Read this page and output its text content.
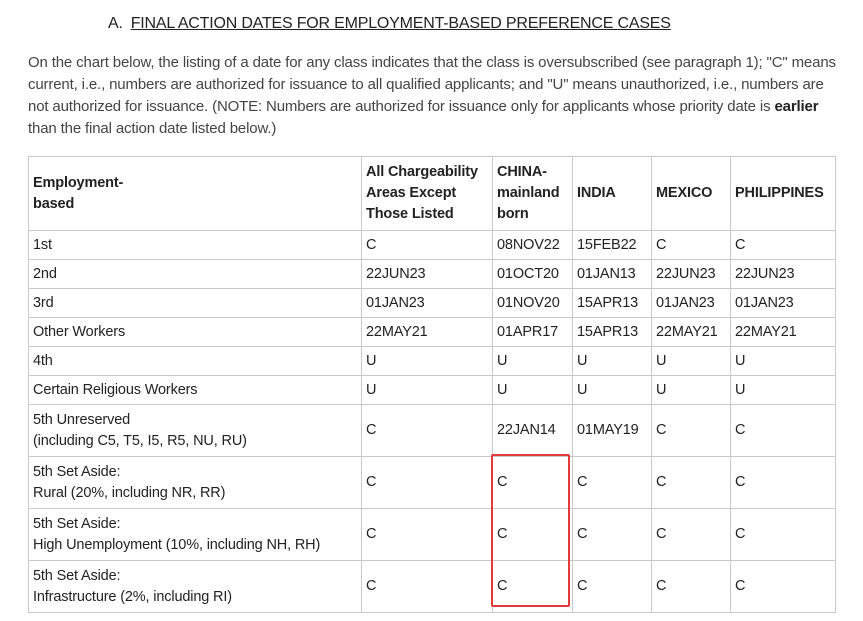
A. FINAL ACTION DATES FOR EMPLOYMENT-BASED PREFERENCE CASES
On the chart below, the listing of a date for any class indicates that the class is oversubscribed (see paragraph 1); "C" means current, i.e., numbers are authorized for issuance to all qualified applicants; and "U" means unauthorized, i.e., numbers are not authorized for issuance. (NOTE: Numbers are authorized for issuance only for applicants whose priority date is earlier than the final action date listed below.)
Employment-
based	All Chargeability
Areas Except
Those Listed	CHINA-
mainland
born	INDIA	MEXICO	PHILIPPINES

1st	C	08NOV22	15FEB22	C	C

2nd	22JUN23	01OCT20	01JAN13	22JUN23	22JUN23

3rd	01JAN23	01NOV20	15APR13	01JAN23	01JAN23

Other Workers	22MAY21	01APR17	15APR13	22MAY21	22MAY21

4th	U	U	U	U	U

Certain Religious Workers	U	U	U	U	U

5th Unreserved
(including C5, T5, I5, R5, NU, RU)	C	22JAN14	01MAY19	C	C

5th Set Aside:
Rural (20%, including NR, RR)	C	C	C	C	C

5th Set Aside:
High Unemployment (10%, including NH, RH)	C	C	C	C	C

5th Set Aside:
Infrastructure (2%, including RI)	C	C	C	C	C
